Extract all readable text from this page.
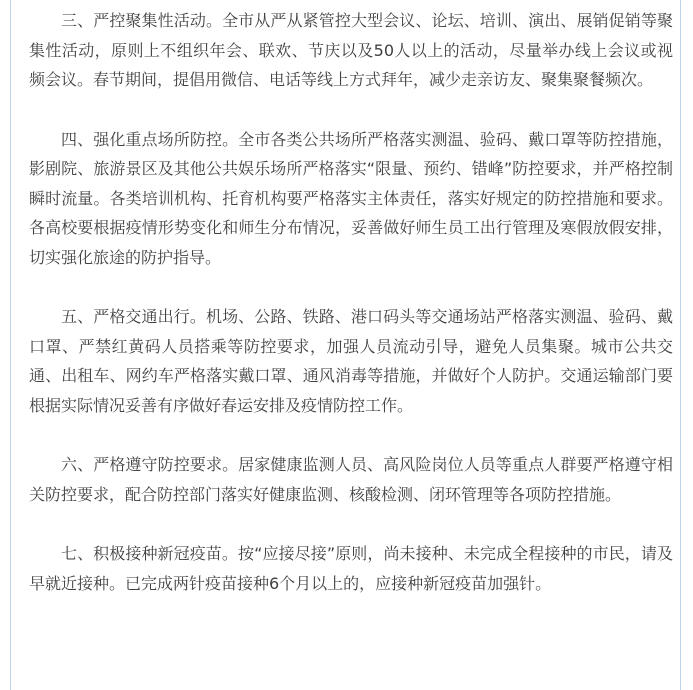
三、严控聚集性活动。全市从严从紧管控大型会议、论坛、培训、演出、展销促销等聚集性活动，原则上不组织年会、联欢、节庆以及50人以上的活动，尽量举办线上会议或视频会议。春节期间，提倡用微信、电话等线上方式拜年，减少走亲访友、聚集聚餐频次。

四、强化重点场所防控。全市各类公共场所严格落实测温、验码、戴口罩等防控措施，影剧院、旅游景区及其他公共娱乐场所严格落实“限量、预约、错峰”防控要求，并严格控制瞬时流量。各类培训机构、托育机构要严格落实主体责任，落实好规定的防控措施和要求。各高校要根据疫情形势变化和师生分布情况，妥善做好师生员工出行管理及寒假放假安排，切实强化旅途的防护指导。

五、严格交通出行。机场、公路、铁路、港口码头等交通场站严格落实测温、验码、戴口罩、严禁红黄码人员搭乘等防控要求，加强人员流动引导，避免人员集聚。城市公共交通、出租车、网约车严格落实戴口罩、通风消毒等措施，并做好个人防护。交通运输部门要根据实际情况妥善有序做好春运安排及疫情防控工作。

六、严格遵守防控要求。居家健康监测人员、高风险岗位人员等重点人群要严格遵守相关防控要求，配合防控部门落实好健康监测、核酸检测、闭环管理等各项防控措施。

七、积极接种新冠疫苗。按“应接尽接”原则，尚未接种、未完成全程接种的市民，请及早就近接种。已完成两针疫苗接种6个月以上的，应接种新冠疫苗加强针。
